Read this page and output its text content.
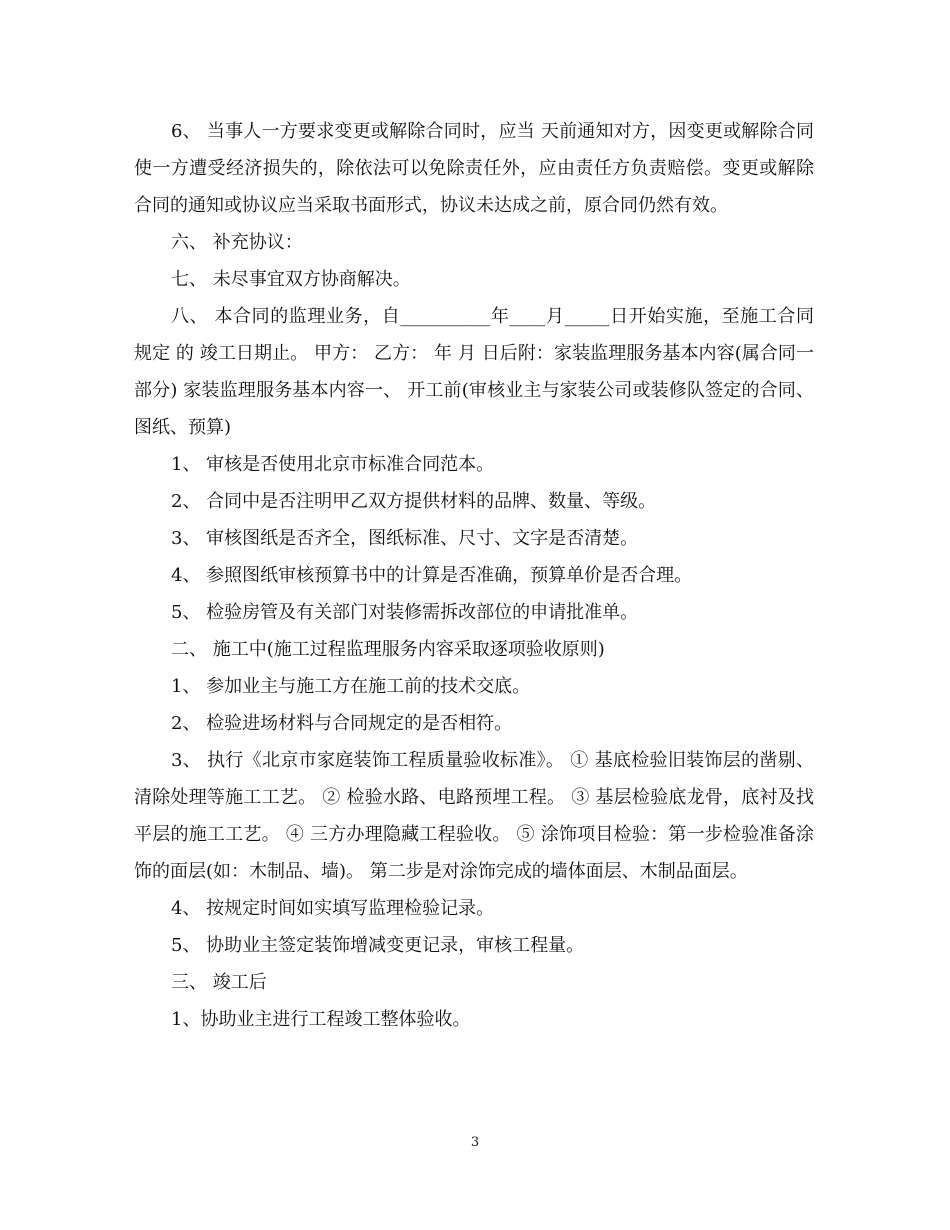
6、 当事人一方要求变更或解除合同时，应当 天前通知对方，因变更或解除合同使一方遭受经济损失的，除依法可以免除责任外，应由责任方负责赔偿。变更或解除合同的通知或协议应当采取书面形式，协议未达成之前，原合同仍然有效。

六、 补充协议：

七、 未尽事宜双方协商解决。

八、 本合同的监理业务，自__________年____月_____日开始实施，至施工合同规定 的 竣工日期止。 甲方： 乙方： 年 月 日后附：家装监理服务基本内容(属合同一部分) 家装监理服务基本内容一、 开工前(审核业主与家装公司或装修队签定的合同、图纸、预算)

1、 审核是否使用北京市标准合同范本。

2、 合同中是否注明甲乙双方提供材料的品牌、数量、等级。

3、 审核图纸是否齐全，图纸标准、尺寸、文字是否清楚。

4、 参照图纸审核预算书中的计算是否准确，预算单价是否合理。

5、 检验房管及有关部门对装修需拆改部位的申请批准单。

二、 施工中(施工过程监理服务内容采取逐项验收原则)

1、 参加业主与施工方在施工前的技术交底。

2、 检验进场材料与合同规定的是否相符。

3、 执行《北京市家庭装饰工程质量验收标准》。 ① 基底检验旧装饰层的凿剔、清除处理等施工工艺。 ② 检验水路、电路预埋工程。 ③ 基层检验底龙骨，底衬及找平层的施工工艺。 ④ 三方办理隐藏工程验收。 ⑤ 涂饰项目检验：第一步检验准备涂饰的面层(如：木制品、墙)。 第二步是对涂饰完成的墙体面层、木制品面层。

4、 按规定时间如实填写监理检验记录。

5、 协助业主签定装饰增减变更记录，审核工程量。

三、 竣工后

1、协助业主进行工程竣工整体验收。

3
